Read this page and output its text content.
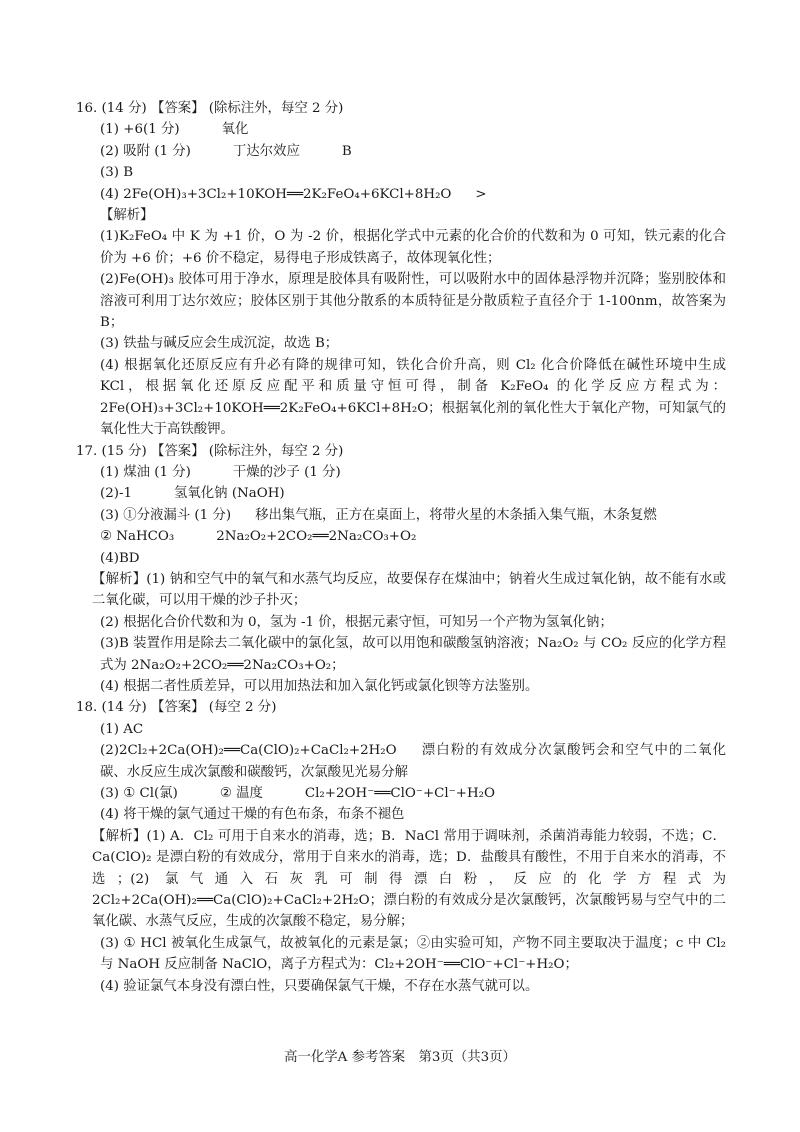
16. (14 分) 【答案】 (除标注外，每空 2 分)
(1) +6(1 分)	氧化
(2) 吸附 (1 分)	丁达尔效应	B
(3) B
(4) 2Fe(OH)₃+3Cl₂+10KOH══2K₂FeO₄+6KCl+8H₂O >
【解析】
(1)K₂FeO₄ 中 K 为 +1 价，O 为 -2 价，根据化学式中元素的化合价的代数和为 0 可知，铁元素的化合价为 +6 价；+6 价不稳定，易得电子形成铁离子，故体现氧化性；
(2)Fe(OH)₃ 胶体可用于净水，原理是胶体具有吸附性，可以吸附水中的固体悬浮物并沉降；鉴别胶体和溶液可利用丁达尔效应；胶体区别于其他分散系的本质特征是分散质粒子直径介于 1-100nm，故答案为 B；
(3) 铁盐与碱反应会生成沉淀，故选 B；
(4) 根据氧化还原反应有升必有降的规律可知，铁化合价升高，则 Cl₂ 化合价降低在碱性环境中生成 KCl，根据氧化还原反应配平和质量守恒可得，制备 K₂FeO₄ 的化学反应方程式为：2Fe(OH)₃+3Cl₂+10KOH══2K₂FeO₄+6KCl+8H₂O；根据氧化剂的氧化性大于氧化产物，可知氯气的氧化性大于高铁酸钾。
17. (15 分) 【答案】 (除标注外，每空 2 分)
(1) 煤油 (1 分)	干燥的沙子 (1 分)
(2)-1	氢氧化钠 (NaOH)
(3) ①分液漏斗 (1 分) 移出集气瓶，正方在桌面上，将带火星的木条插入集气瓶，木条复燃
② NaHCO₃	2Na₂O₂+2CO₂══2Na₂CO₃+O₂
(4)BD
【解析】(1) 钠和空气中的氧气和水蒸气均反应，故要保存在煤油中；钠着火生成过氧化钠，故不能有水或二氧化碳，可以用干燥的沙子扑灭；
(2) 根据化合价代数和为 0，氢为 -1 价，根据元素守恒，可知另一个产物为氢氧化钠；
(3)B 装置作用是除去二氧化碳中的氯化氢，故可以用饱和碳酸氢钠溶液；Na₂O₂ 与 CO₂ 反应的化学方程式为 2Na₂O₂+2CO₂══2Na₂CO₃+O₂；
(4) 根据二者性质差异，可以用加热法和加入氯化钙或氯化钡等方法鉴别。
18. (14 分) 【答案】 (每空 2 分)
(1) AC
(2)2Cl₂+2Ca(OH)₂══Ca(ClO)₂+CaCl₂+2H₂O 漂白粉的有效成分次氯酸钙会和空气中的二氧化碳、水反应生成次氯酸和碳酸钙，次氯酸见光易分解
(3) ① Cl(氯)	② 温度	Cl₂+2OH⁻══ClO⁻+Cl⁻+H₂O
(4) 将干燥的氯气通过干燥的有色布条，布条不褪色
【解析】(1) A．Cl₂ 可用于自来水的消毒，选；B．NaCl 常用于调味剂，杀菌消毒能力较弱，不选；C．Ca(ClO)₂ 是漂白粉的有效成分，常用于自来水的消毒，选；D．盐酸具有酸性，不用于自来水的消毒，不选；(2) 氯气通入石灰乳可制得漂白粉，反应的化学方程式为 2Cl₂+2Ca(OH)₂══Ca(ClO)₂+CaCl₂+2H₂O；漂白粉的有效成分是次氯酸钙，次氯酸钙易与空气中的二氧化碳、水蒸气反应，生成的次氯酸不稳定，易分解；
(3) ① HCl 被氧化生成氯气，故被氧化的元素是氯；②由实验可知，产物不同主要取决于温度；c 中 Cl₂ 与 NaOH 反应制备 NaClO，离子方程式为：Cl₂+2OH⁻══ClO⁻+Cl⁻+H₂O；
(4) 验证氯气本身没有漂白性，只要确保氯气干燥，不存在水蒸气就可以。
高一化学A 参考答案　第3页（共3页）
